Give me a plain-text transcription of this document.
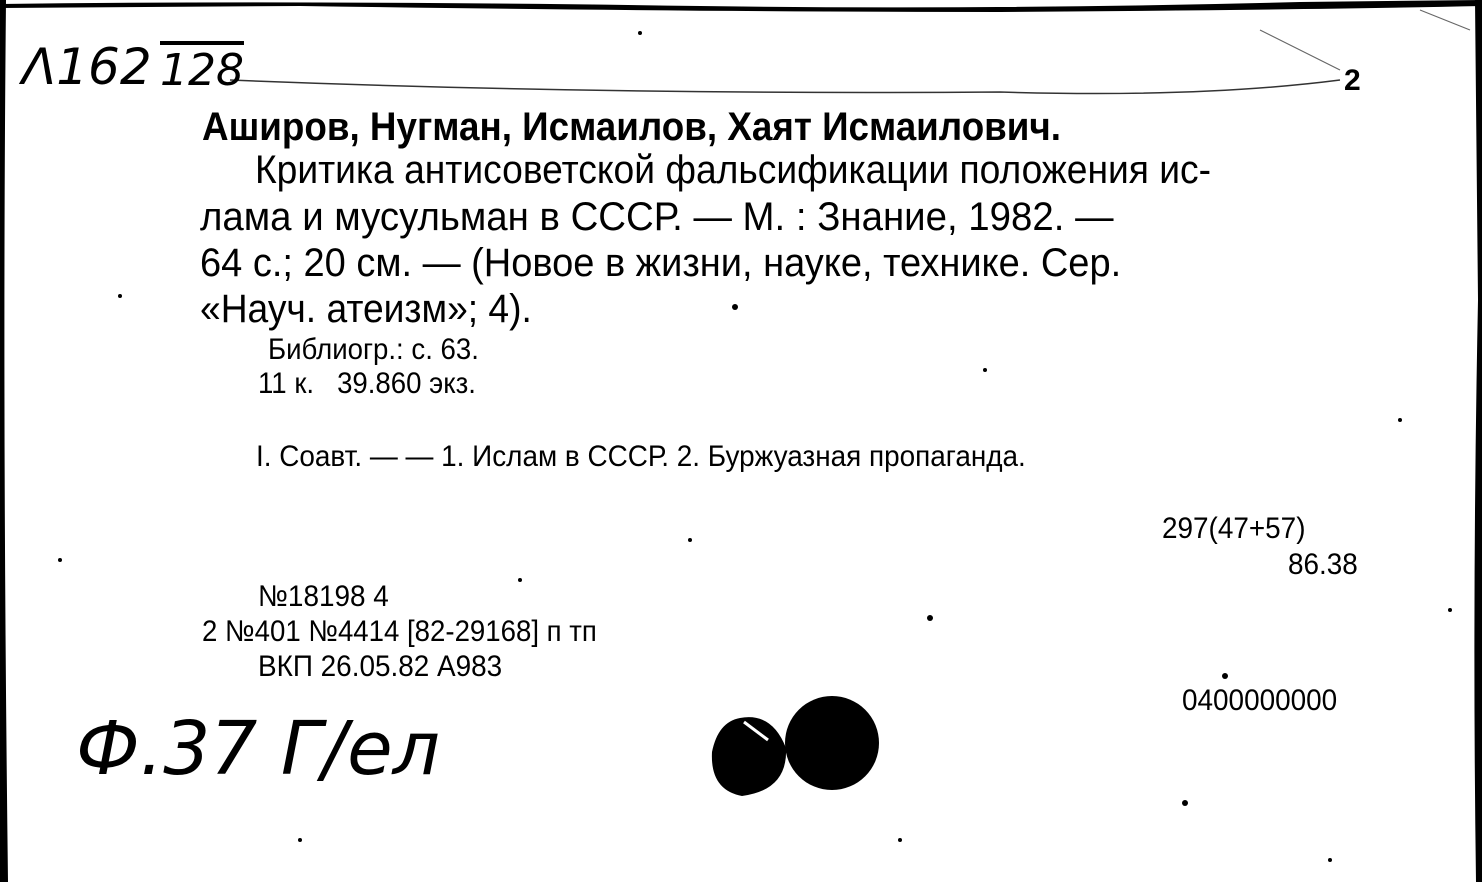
Λ162 128
Ф.37 Г/ел
2
Аширов, Нугман, Исмаилов, Хаят Исмаилович.
Критика антисоветской фальсификации положения ис-
лама и мусульман в СССР. — М. : Знание, 1982. —
64 с.; 20 см. — (Новое в жизни, науке, технике. Сер.
«Науч. атеизм»; 4).
Библиогр.: с. 63.
11 к.   39.860 экз.
I. Соавт. — — 1. Ислам в СССР. 2. Буржуазная пропаганда.
297(47+57)
86.38
№18198 4
2 №401 №4414 [82-29168] п тп
ВКП 26.05.82 А983
0400000000
